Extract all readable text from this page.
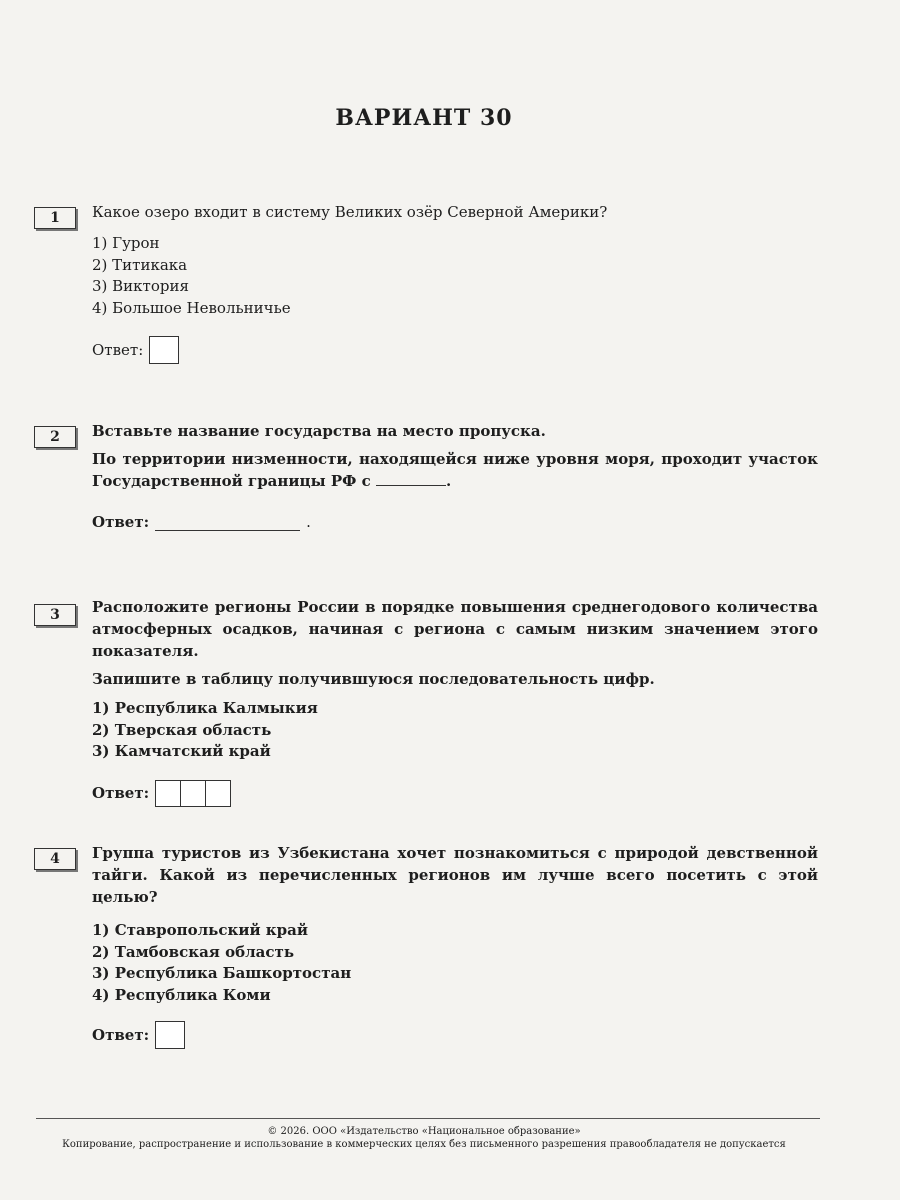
ВАРИАНТ 30
1	Какое озеро входит в систему Великих озёр Северной Америки?

1) Гурон
2) Титикака
3) Виктория
4) Большое Невольничье
Ответ:
2	Вставьте название государства на место пропуска.

По территории низменности, находящейся ниже уровня моря, проходит участок Государственной границы РФ с	.

Ответ:	.
3	Расположите регионы России в порядке повышения среднегодового количества атмосферных осадков, начиная с региона с самым низким значением этого показателя.

Запишите в таблицу получившуюся последовательность цифр.

1) Республика Калмыкия
2) Тверская область
3) Камчатский край
Ответ:
4	Группа туристов из Узбекистана хочет познакомиться с природой девственной тайги. Какой из перечисленных регионов им лучше всего посетить с этой целью?

1) Ставропольский край
2) Тамбовская область
3) Республика Башкортостан
4) Республика Коми
Ответ:
© 2026. ООО «Издательство «Национальное образование»
Копирование, распространение и использование в коммерческих целях без письменного разрешения правообладателя не допускается
